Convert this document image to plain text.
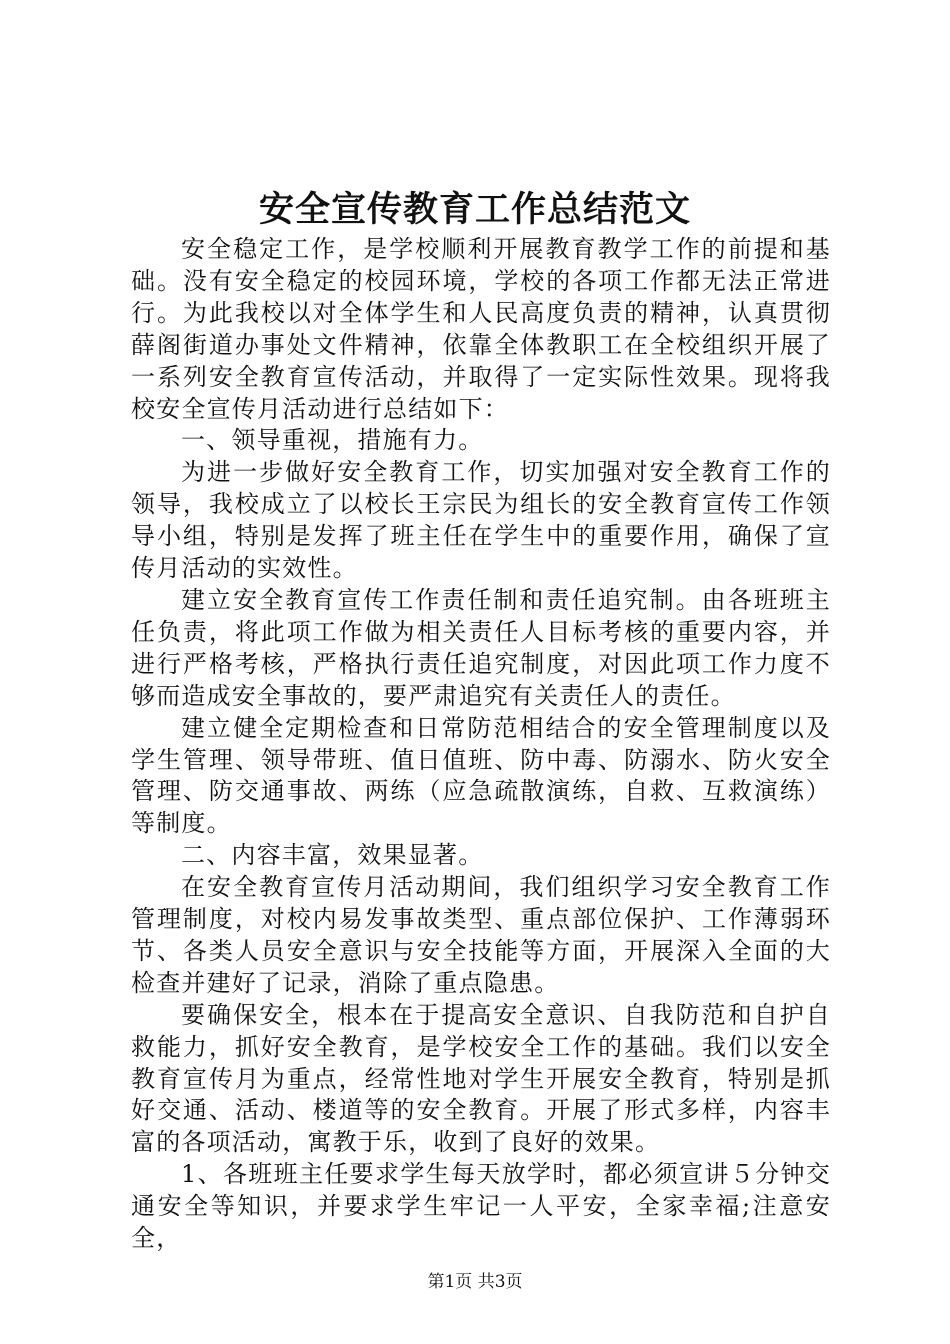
安全宣传教育工作总结范文

安全稳定工作，是学校顺利开展教育教学工作的前提和基础。没有安全稳定的校园环境，学校的各项工作都无法正常进行。为此我校以对全体学生和人民高度负责的精神，认真贯彻薛阁街道办事处文件精神，依靠全体教职工在全校组织开展了一系列安全教育宣传活动，并取得了一定实际性效果。现将我校安全宣传月活动进行总结如下：

一、领导重视，措施有力。

为进一步做好安全教育工作，切实加强对安全教育工作的领导，我校成立了以校长王宗民为组长的安全教育宣传工作领导小组，特别是发挥了班主任在学生中的重要作用，确保了宣传月活动的实效性。

建立安全教育宣传工作责任制和责任追究制。由各班班主任负责，将此项工作做为相关责任人目标考核的重要内容，并进行严格考核，严格执行责任追究制度，对因此项工作力度不够而造成安全事故的，要严肃追究有关责任人的责任。

建立健全定期检查和日常防范相结合的安全管理制度以及学生管理、领导带班、值日值班、防中毒、防溺水、防火安全管理、防交通事故、两练（应急疏散演练，自救、互救演练）等制度。

二、内容丰富，效果显著。

在安全教育宣传月活动期间，我们组织学习安全教育工作管理制度，对校内易发事故类型、重点部位保护、工作薄弱环节、各类人员安全意识与安全技能等方面，开展深入全面的大检查并建好了记录，消除了重点隐患。

要确保安全，根本在于提高安全意识、自我防范和自护自救能力，抓好安全教育，是学校安全工作的基础。我们以安全教育宣传月为重点，经常性地对学生开展安全教育，特别是抓好交通、活动、楼道等的安全教育。开展了形式多样，内容丰富的各项活动，寓教于乐，收到了良好的效果。

1、各班班主任要求学生每天放学时，都必须宣讲５分钟交通安全等知识，并要求学生牢记一人平安，全家幸福;注意安全，

第1页 共3页
